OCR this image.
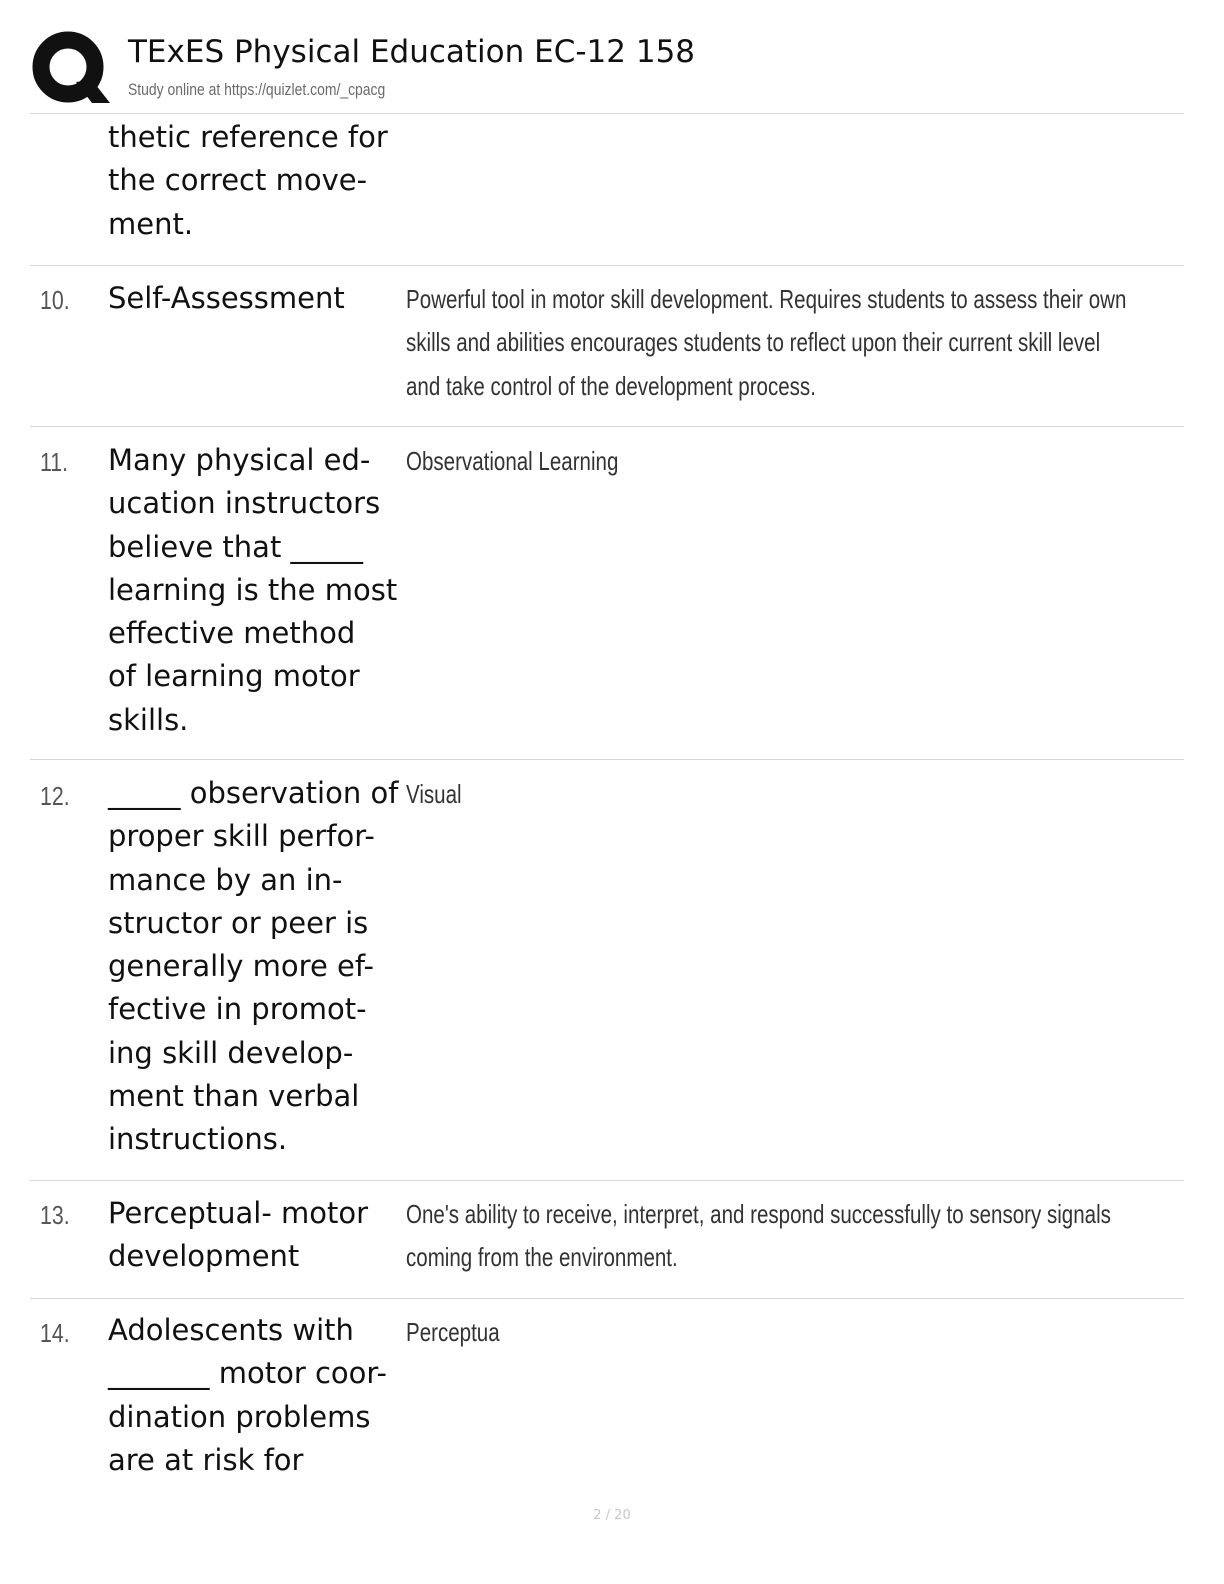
TExES Physical Education EC-12 158
Study online at https://quizlet.com/_cpacg
thetic reference for
the correct move-
ment.
10. Self-Assessment	Powerful tool in motor skill development. Requires students to assess their own
skills and abilities encourages students to reflect upon their current skill level
and take control of the development process.
11. Many physical ed-
ucation instructors
believe that _____
learning is the most
effective method
of learning motor
skills.
Observational Learning
12. _____ observation of
proper skill perfor-
mance by an in-
structor or peer is
generally more ef-
fective in promot-
ing skill develop-
ment than verbal
instructions.
Visual
13. Perceptual- motor
development
One's ability to receive, interpret, and respond successfully to sensory signals
coming from the environment.
14. Adolescents with
_______ motor coor-
dination problems
are at risk for
Perceptua
2 / 20
